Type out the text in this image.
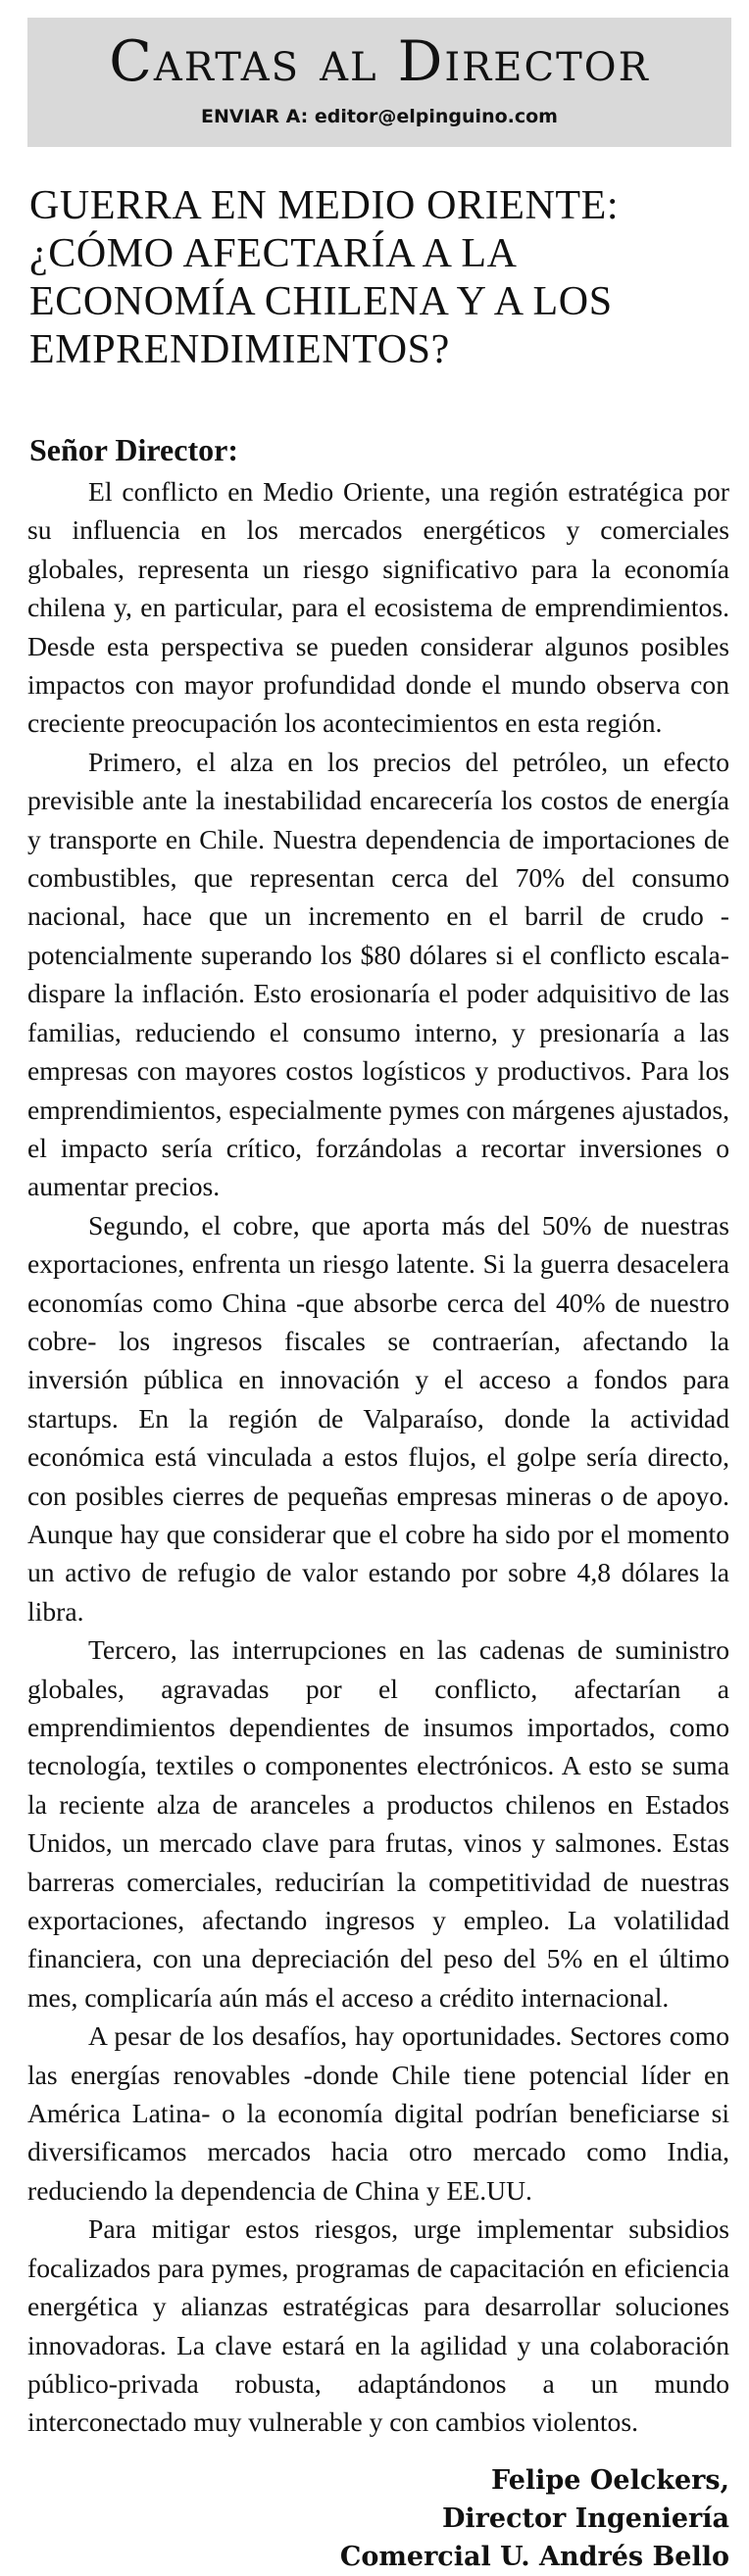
Cartas al Director
ENVIAR A: editor@elpinguino.com
GUERRA EN MEDIO ORIENTE: ¿CÓMO AFECTARÍA A LA ECONOMÍA CHILENA Y A LOS EMPRENDIMIENTOS?
Señor Director:

El conflicto en Medio Oriente, una región estratégica por su influencia en los mercados energéticos y comerciales globales, representa un riesgo significativo para la economía chilena y, en particular, para el ecosistema de emprendimientos. Desde esta perspectiva se pueden considerar algunos posibles impactos con mayor profundidad donde el mundo observa con creciente preocupación los acontecimientos en esta región.

Primero, el alza en los precios del petróleo, un efecto previsible ante la inestabilidad encarecería los costos de energía y transporte en Chile. Nuestra dependencia de importaciones de combustibles, que representan cerca del 70% del consumo nacional, hace que un incremento en el barril de crudo -potencialmente superando los $80 dólares si el conflicto escala- dispare la inflación. Esto erosionaría el poder adquisitivo de las familias, reduciendo el consumo interno, y presionaría a las empresas con mayores costos logísticos y productivos. Para los emprendimientos, especialmente pymes con márgenes ajustados, el impacto sería crítico, forzándolas a recortar inversiones o aumentar precios.

Segundo, el cobre, que aporta más del 50% de nuestras exportaciones, enfrenta un riesgo latente. Si la guerra desacelera economías como China -que absorbe cerca del 40% de nuestro cobre- los ingresos fiscales se contraerían, afectando la inversión pública en innovación y el acceso a fondos para startups. En la región de Valparaíso, donde la actividad económica está vinculada a estos flujos, el golpe sería directo, con posibles cierres de pequeñas empresas mineras o de apoyo. Aunque hay que considerar que el cobre ha sido por el momento un activo de refugio de valor estando por sobre 4,8 dólares la libra.

Tercero, las interrupciones en las cadenas de suministro globales, agravadas por el conflicto, afectarían a emprendimientos dependientes de insumos importados, como tecnología, textiles o componentes electrónicos. A esto se suma la reciente alza de aranceles a productos chilenos en Estados Unidos, un mercado clave para frutas, vinos y salmones. Estas barreras comerciales, reducirían la competitividad de nuestras exportaciones, afectando ingresos y empleo. La volatilidad financiera, con una depreciación del peso del 5% en el último mes, complicaría aún más el acceso a crédito internacional.

A pesar de los desafíos, hay oportunidades. Sectores como las energías renovables -donde Chile tiene potencial líder en América Latina- o la economía digital podrían beneficiarse si diversificamos mercados hacia otro mercado como India, reduciendo la dependencia de China y EE.UU.

Para mitigar estos riesgos, urge implementar subsidios focalizados para pymes, programas de capacitación en eficiencia energética y alianzas estratégicas para desarrollar soluciones innovadoras. La clave estará en la agilidad y una colaboración público-privada robusta, adaptándonos a un mundo interconectado muy vulnerable y con cambios violentos.

Felipe Oelckers,
Director Ingeniería
Comercial U. Andrés Bello
